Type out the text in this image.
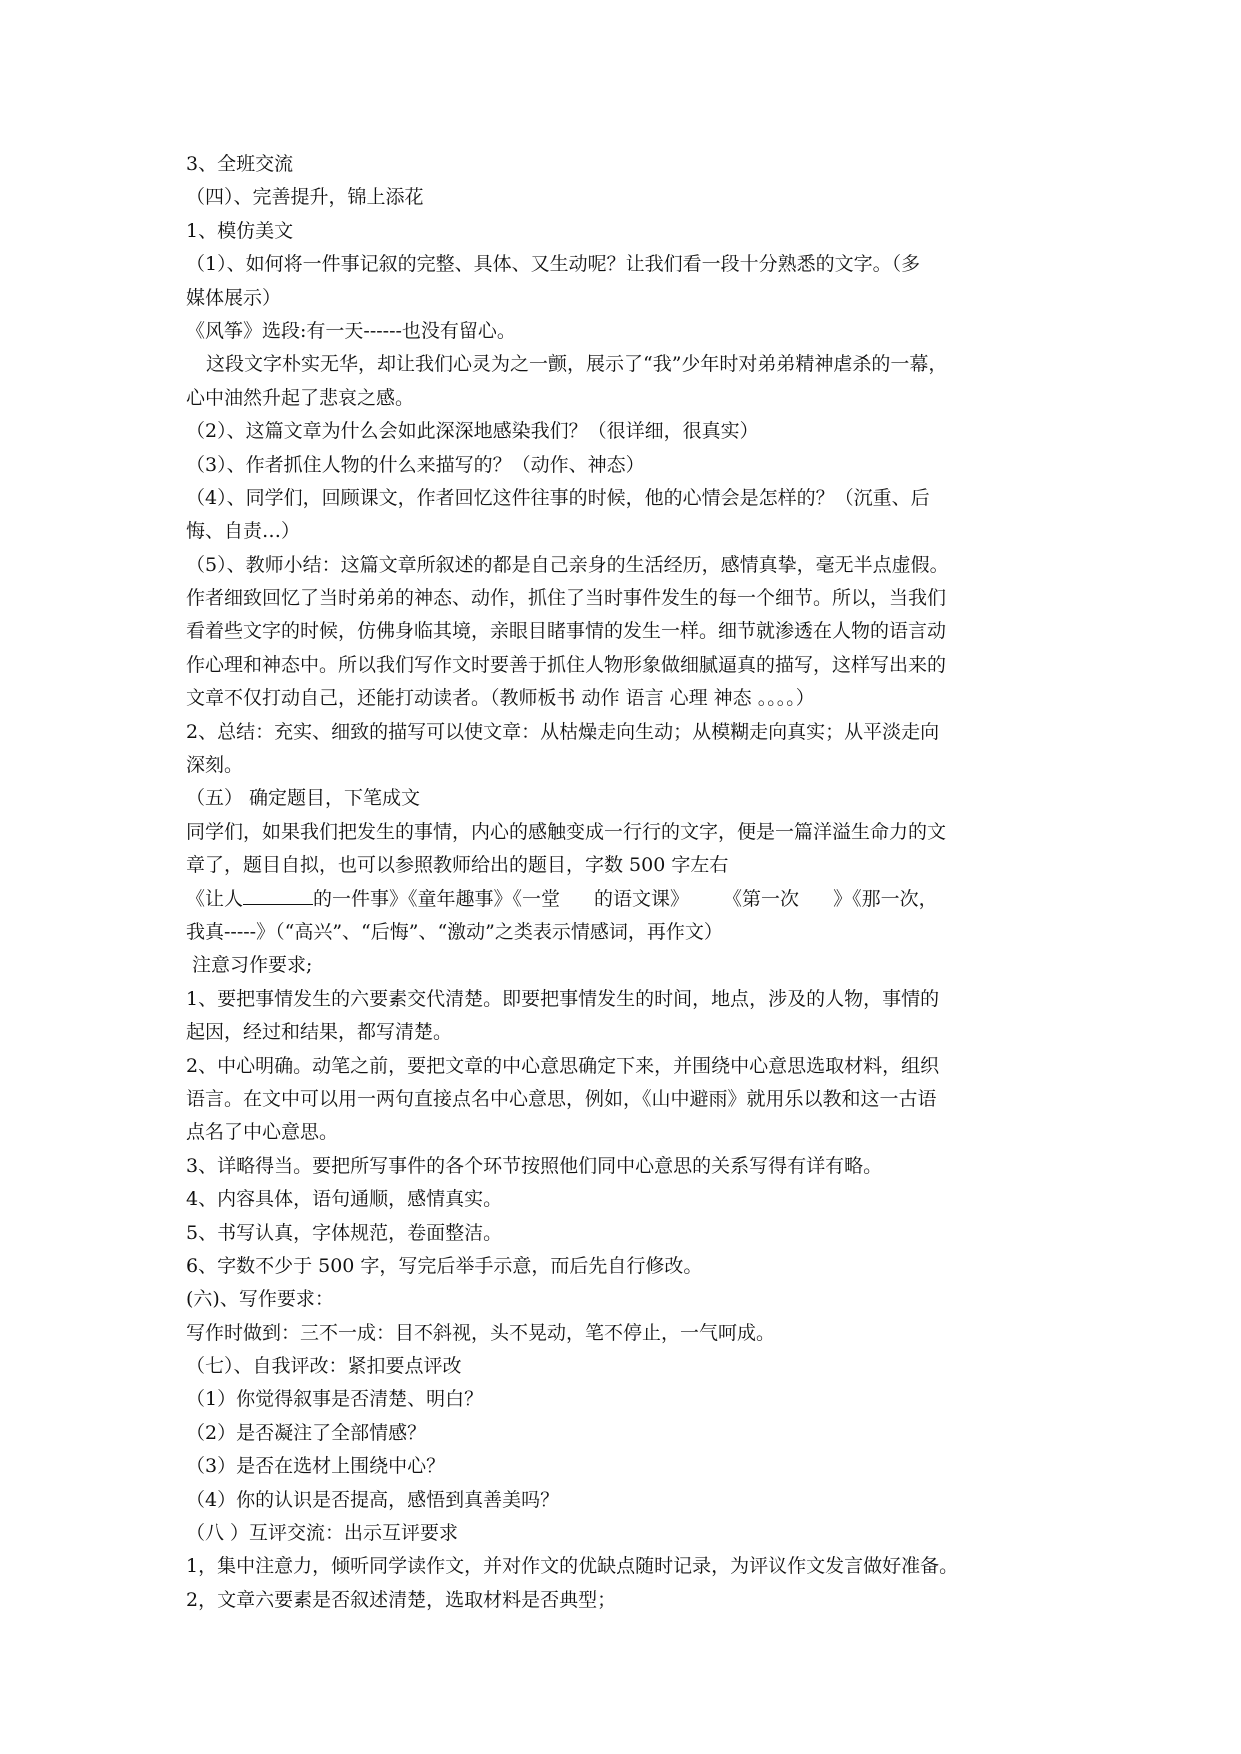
3、全班交流

（四）、完善提升，锦上添花

1、模仿美文

（1）、如何将一件事记叙的完整、具体、又生动呢？让我们看一段十分熟悉的文字。（多

媒体展示）

《风筝》选段:有一天------也没有留心。

这段文字朴实无华，却让我们心灵为之一颤，展示了“我”少年时对弟弟精神虐杀的一幕，

心中油然升起了悲哀之感。

（2）、这篇文章为什么会如此深深地感染我们？（很详细，很真实）

（3）、作者抓住人物的什么来描写的？（动作、神态）

（4）、同学们，回顾课文，作者回忆这件往事的时候，他的心情会是怎样的？（沉重、后

悔、自责…）

（5）、教师小结：这篇文章所叙述的都是自己亲身的生活经历，感情真挚，毫无半点虚假。

作者细致回忆了当时弟弟的神态、动作，抓住了当时事件发生的每一个细节。所以，当我们

看着些文字的时候，仿佛身临其境，亲眼目睹事情的发生一样。细节就渗透在人物的语言动

作心理和神态中。所以我们写作文时要善于抓住人物形象做细腻逼真的描写，这样写出来的

文章不仅打动自己，还能打动读者。（教师板书 动作 语言 心理 神态 。。。。）

2、总结：充实、细致的描写可以使文章：从枯燥走向生动；从模糊走向真实；从平淡走向

深刻。

（五） 确定题目，下笔成文

同学们，如果我们把发生的事情，内心的感触变成一行行的文字，便是一篇洋溢生命力的文

章了，题目自拟，也可以参照教师给出的题目，字数 500 字左右

《让人	的一件事》《童年趣事》《一堂 的语文课》 《第一次 》《那一次，

我真-----》（“高兴”、“后悔”、“激动”之类表示情感词，再作文）

注意习作要求;

1、要把事情发生的六要素交代清楚。即要把事情发生的时间，地点，涉及的人物，事情的

起因，经过和结果，都写清楚。

2、中心明确。动笔之前，要把文章的中心意思确定下来，并围绕中心意思选取材料，组织

语言。在文中可以用一两句直接点名中心意思，例如，《山中避雨》就用乐以教和这一古语

点名了中心意思。

3、详略得当。要把所写事件的各个环节按照他们同中心意思的关系写得有详有略。

4、内容具体，语句通顺，感情真实。

5、书写认真，字体规范，卷面整洁。

6、字数不少于 500 字，写完后举手示意，而后先自行修改。

(六)、写作要求：

写作时做到：三不一成：目不斜视，头不晃动，笔不停止，一气呵成。

（七）、自我评改：紧扣要点评改

（1）你觉得叙事是否清楚、明白？

（2）是否凝注了全部情感？

（3）是否在选材上围绕中心？

（4）你的认识是否提高，感悟到真善美吗？

（八 ）互评交流：出示互评要求

1，集中注意力，倾听同学读作文，并对作文的优缺点随时记录，为评议作文发言做好准备。

2，文章六要素是否叙述清楚，选取材料是否典型；
